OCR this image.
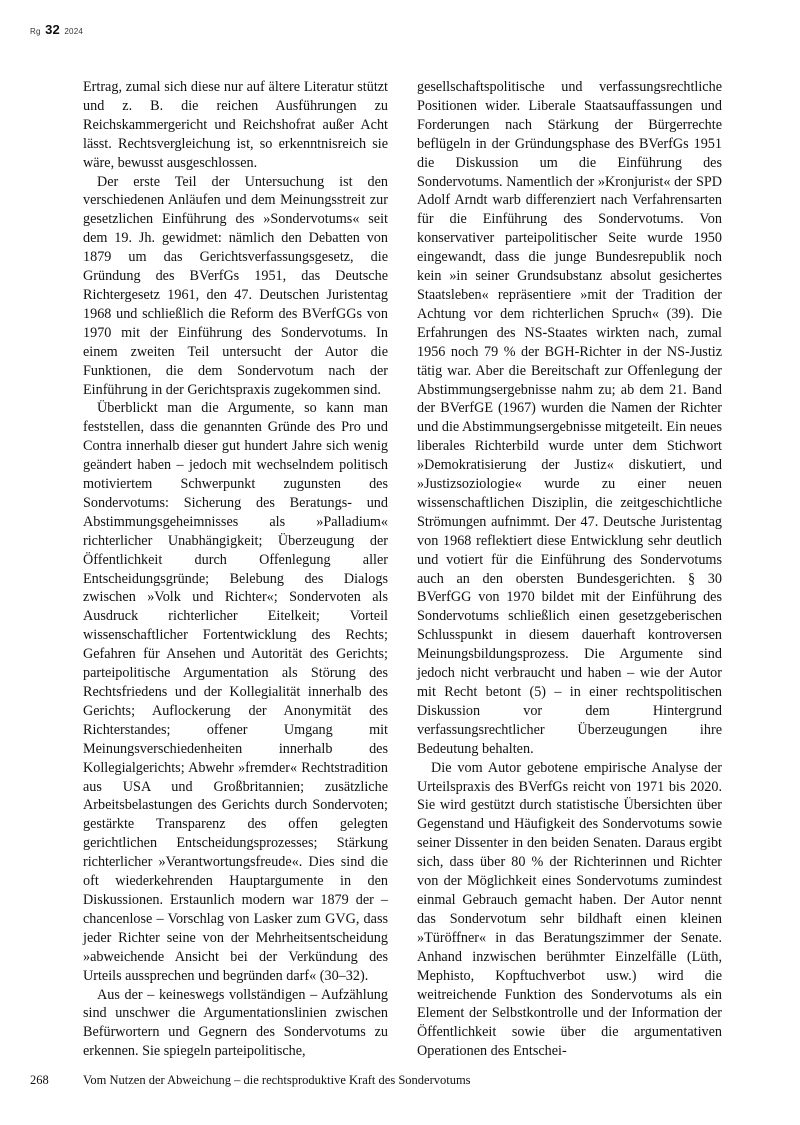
Rg 32 2024

Ertrag, zumal sich diese nur auf ältere Literatur stützt und z. B. die reichen Ausführungen zu Reichskammergericht und Reichshofrat außer Acht lässt. Rechtsvergleichung ist, so erkenntnisreich sie wäre, bewusst ausgeschlossen.

Der erste Teil der Untersuchung ist den verschiedenen Anläufen und dem Meinungsstreit zur gesetzlichen Einführung des »Sondervotums« seit dem 19. Jh. gewidmet: nämlich den Debatten von 1879 um das Gerichtsverfassungsgesetz, die Gründung des BVerfGs 1951, das Deutsche Richtergesetz 1961, den 47. Deutschen Juristentag 1968 und schließlich die Reform des BVerfGGs von 1970 mit der Einführung des Sondervotums. In einem zweiten Teil untersucht der Autor die Funktionen, die dem Sondervotum nach der Einführung in der Gerichtspraxis zugekommen sind.

Überblickt man die Argumente, so kann man feststellen, dass die genannten Gründe des Pro und Contra innerhalb dieser gut hundert Jahre sich wenig geändert haben – jedoch mit wechselndem politisch motiviertem Schwerpunkt zugunsten des Sondervotums: Sicherung des Beratungs- und Abstimmungsgeheimnisses als »Palladium« richterlicher Unabhängigkeit; Überzeugung der Öffentlichkeit durch Offenlegung aller Entscheidungsgründe; Belebung des Dialogs zwischen »Volk und Richter«; Sondervoten als Ausdruck richterlicher Eitelkeit; Vorteil wissenschaftlicher Fortentwicklung des Rechts; Gefahren für Ansehen und Autorität des Gerichts; parteipolitische Argumentation als Störung des Rechtsfriedens und der Kollegialität innerhalb des Gerichts; Auflockerung der Anonymität des Richterstandes; offener Umgang mit Meinungsverschiedenheiten innerhalb des Kollegialgerichts; Abwehr »fremder« Rechtstradition aus USA und Großbritannien; zusätzliche Arbeitsbelastungen des Gerichts durch Sondervoten; gestärkte Transparenz des offen gelegten gerichtlichen Entscheidungsprozesses; Stärkung richterlicher »Verantwortungsfreude«. Dies sind die oft wiederkehrenden Hauptargumente in den Diskussionen. Erstaunlich modern war 1879 der – chancenlose – Vorschlag von Lasker zum GVG, dass jeder Richter seine von der Mehrheitsentscheidung »abweichende Ansicht bei der Verkündung des Urteils aussprechen und begründen darf« (30–32).

Aus der – keineswegs vollständigen – Aufzählung sind unschwer die Argumentationslinien zwischen Befürwortern und Gegnern des Sondervotums zu erkennen. Sie spiegeln parteipolitische,

gesellschaftspolitische und verfassungsrechtliche Positionen wider. Liberale Staatsauffassungen und Forderungen nach Stärkung der Bürgerrechte beflügeln in der Gründungsphase des BVerfGs 1951 die Diskussion um die Einführung des Sondervotums. Namentlich der »Kronjurist« der SPD Adolf Arndt warb differenziert nach Verfahrensarten für die Einführung des Sondervotums. Von konservativer parteipolitischer Seite wurde 1950 eingewandt, dass die junge Bundesrepublik noch kein »in seiner Grundsubstanz absolut gesichertes Staatsleben« repräsentiere »mit der Tradition der Achtung vor dem richterlichen Spruch« (39). Die Erfahrungen des NS-Staates wirkten nach, zumal 1956 noch 79 % der BGH-Richter in der NS-Justiz tätig war. Aber die Bereitschaft zur Offenlegung der Abstimmungsergebnisse nahm zu; ab dem 21. Band der BVerfGE (1967) wurden die Namen der Richter und die Abstimmungsergebnisse mitgeteilt. Ein neues liberales Richterbild wurde unter dem Stichwort »Demokratisierung der Justiz« diskutiert, und »Justizsoziologie« wurde zu einer neuen wissenschaftlichen Disziplin, die zeitgeschichtliche Strömungen aufnimmt. Der 47. Deutsche Juristentag von 1968 reflektiert diese Entwicklung sehr deutlich und votiert für die Einführung des Sondervotums auch an den obersten Bundesgerichten. § 30 BVerfGG von 1970 bildet mit der Einführung des Sondervotums schließlich einen gesetzgeberischen Schlusspunkt in diesem dauerhaft kontroversen Meinungsbildungsprozess. Die Argumente sind jedoch nicht verbraucht und haben – wie der Autor mit Recht betont (5) – in einer rechtspolitischen Diskussion vor dem Hintergrund verfassungsrechtlicher Überzeugungen ihre Bedeutung behalten.

Die vom Autor gebotene empirische Analyse der Urteilspraxis des BVerfGs reicht von 1971 bis 2020. Sie wird gestützt durch statistische Übersichten über Gegenstand und Häufigkeit des Sondervotums sowie seiner Dissenter in den beiden Senaten. Daraus ergibt sich, dass über 80 % der Richterinnen und Richter von der Möglichkeit eines Sondervotums zumindest einmal Gebrauch gemacht haben. Der Autor nennt das Sondervotum sehr bildhaft einen kleinen »Türöffner« in das Beratungszimmer der Senate. Anhand inzwischen berühmter Einzelfälle (Lüth, Mephisto, Kopftuchverbot usw.) wird die weitreichende Funktion des Sondervotums als ein Element der Selbstkontrolle und der Information der Öffentlichkeit sowie über die argumentativen Operationen des Entschei-

268	Vom Nutzen der Abweichung – die rechtsproduktive Kraft des Sondervotums
